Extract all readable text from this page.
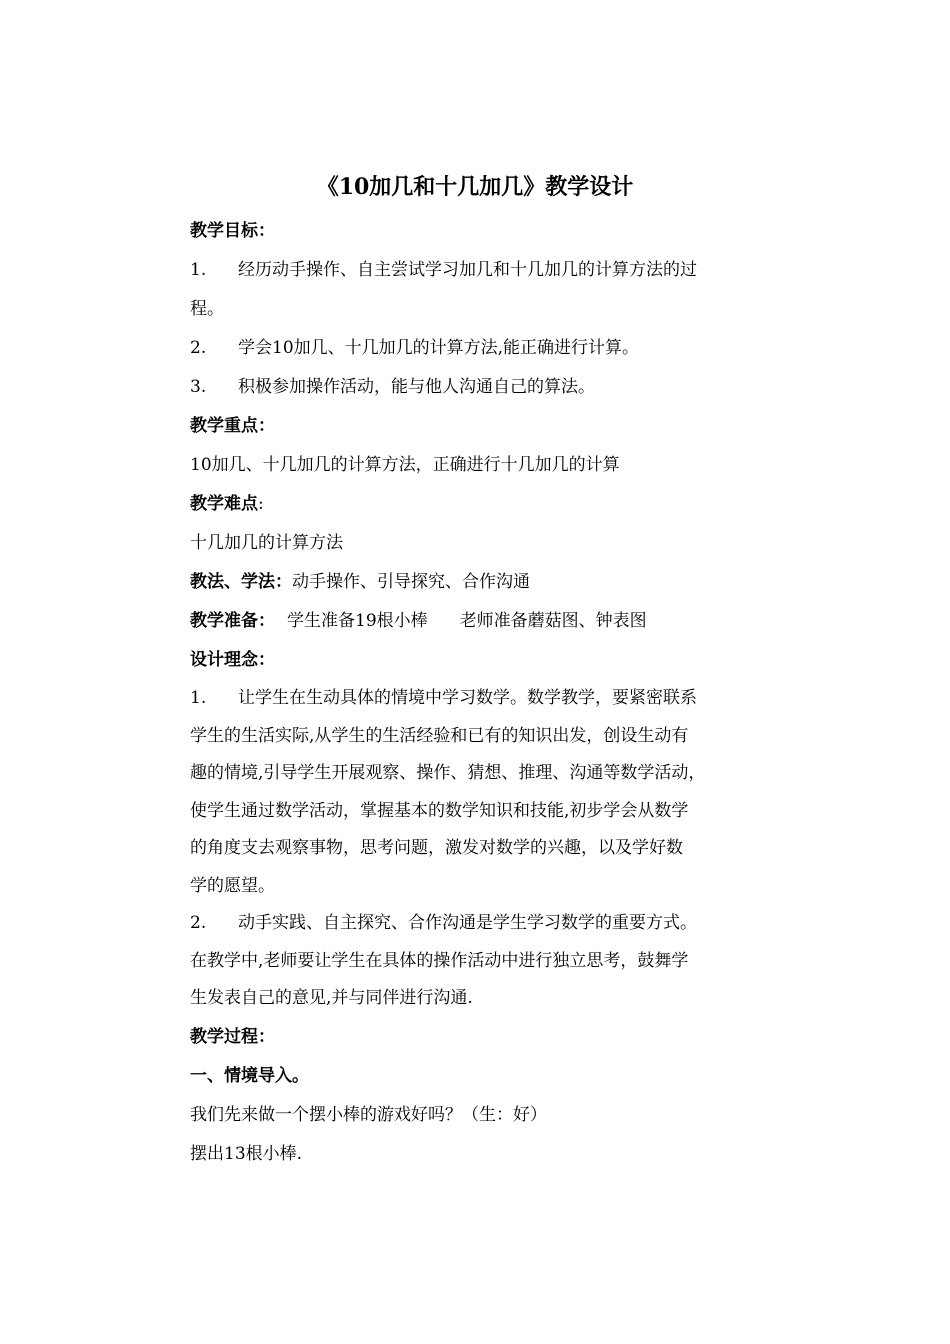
《10加几和十几加几》教学设计
教学目标：
1. 经历动手操作、自主尝试学习加几和十几加几的计算方法的过
程。
2. 学会10加几、十几加几的计算方法,能正确进行计算。
3. 积极参加操作活动，能与他人沟通自己的算法。
教学重点：
10加几、十几加几的计算方法，正确进行十几加几的计算
教学难点:
十几加几的计算方法
教法、学法：动手操作、引导探究、合作沟通
教学准备： 学生准备19根小棒 老师准备蘑菇图、钟表图
设计理念：
1. 让学生在生动具体的情境中学习数学。数学教学，要紧密联系
学生的生活实际,从学生的生活经验和已有的知识出发，创设生动有
趣的情境,引导学生开展观察、操作、猜想、推理、沟通等数学活动，
使学生通过数学活动，掌握基本的数学知识和技能,初步学会从数学
的角度支去观察事物，思考问题，激发对数学的兴趣，以及学好数
学的愿望。
2. 动手实践、自主探究、合作沟通是学生学习数学的重要方式。
在教学中,老师要让学生在具体的操作活动中进行独立思考，鼓舞学
生发表自己的意见,并与同伴进行沟通.
教学过程：
一、情境导入。
我们先来做一个摆小棒的游戏好吗？（生：好）
摆出13根小棒.
